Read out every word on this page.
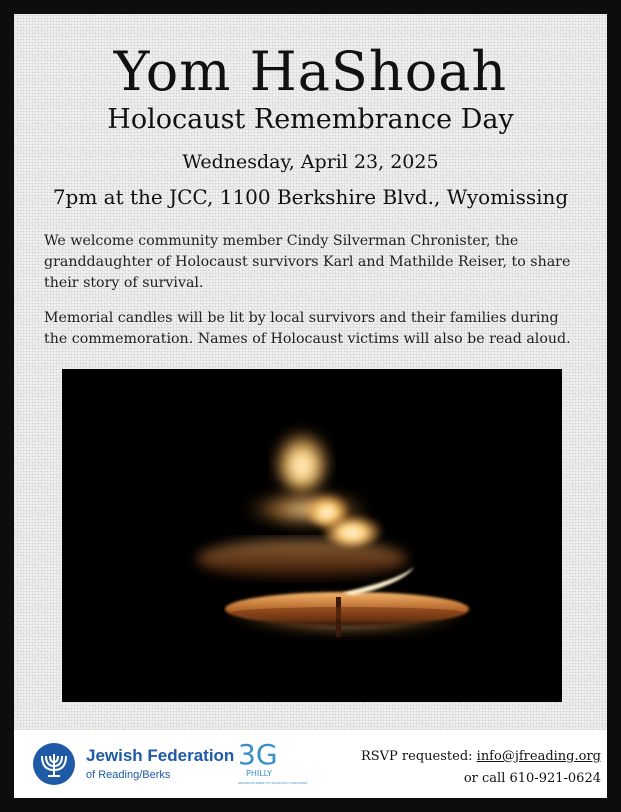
Yom HaShoah
Holocaust Remembrance Day
Wednesday, April 23, 2025
7pm at the JCC, 1100 Berkshire Blvd., Wyomissing

We welcome community member Cindy Silverman Chronister, the granddaughter of Holocaust survivors Karl and Mathilde Reiser, to share their story of survival.

Memorial candles will be lit by local survivors and their families during the commemoration. Names of Holocaust victims will also be read aloud.

Jewish Federation
of Reading/Berks
3G
PHILLY
GRANDCHILDREN OF HOLOCAUST SURVIVORS
RSVP requested: info@jfreading.org
or call 610-921-0624
